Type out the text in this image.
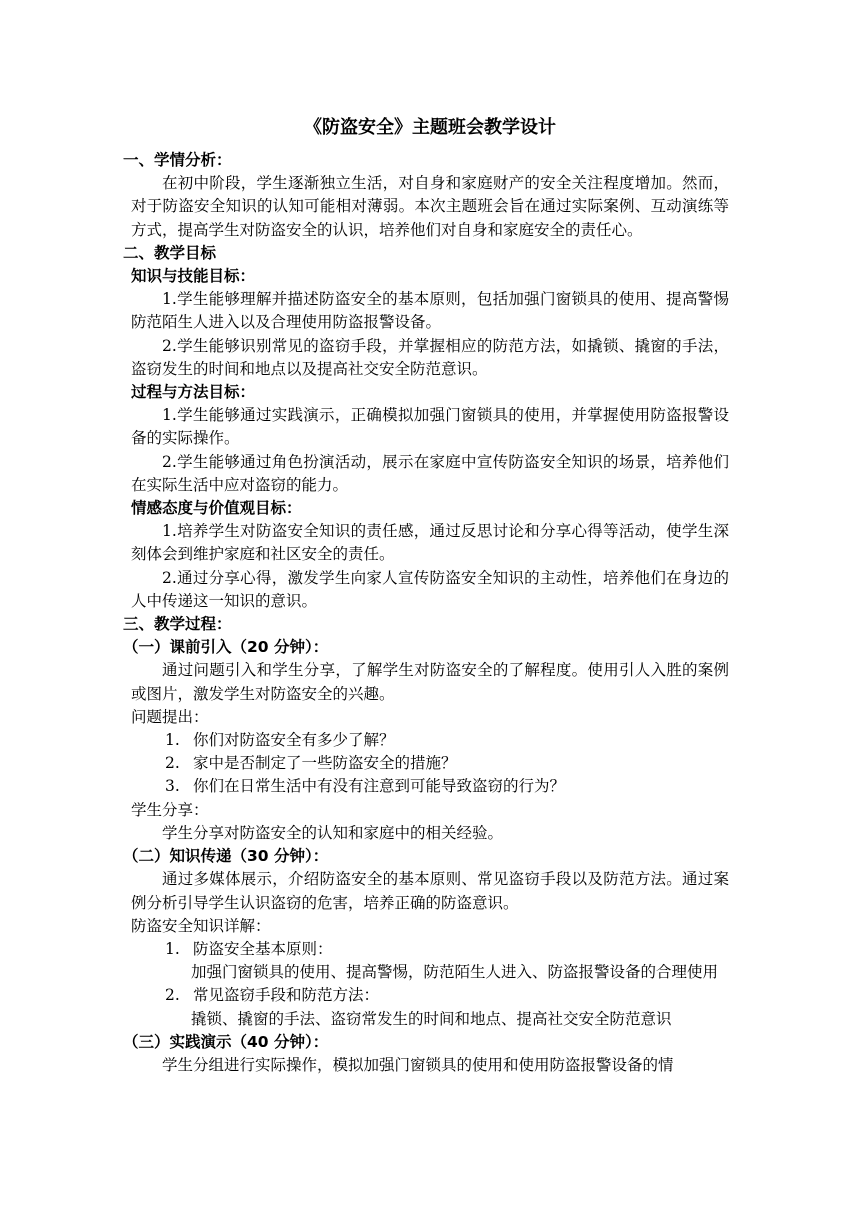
《防盗安全》主题班会教学设计
一、学情分析：
在初中阶段，学生逐渐独立生活，对自身和家庭财产的安全关注程度增加。然而，对于防盗安全知识的认知可能相对薄弱。本次主题班会旨在通过实际案例、互动演练等方式，提高学生对防盗安全的认识，培养他们对自身和家庭安全的责任心。
二、教学目标
知识与技能目标：
1.学生能够理解并描述防盗安全的基本原则，包括加强门窗锁具的使用、提高警惕防范陌生人进入以及合理使用防盗报警设备。
2.学生能够识别常见的盗窃手段，并掌握相应的防范方法，如撬锁、撬窗的手法，盗窃发生的时间和地点以及提高社交安全防范意识。
过程与方法目标：
1.学生能够通过实践演示，正确模拟加强门窗锁具的使用，并掌握使用防盗报警设备的实际操作。
2.学生能够通过角色扮演活动，展示在家庭中宣传防盗安全知识的场景，培养他们在实际生活中应对盗窃的能力。
情感态度与价值观目标：
1.培养学生对防盗安全知识的责任感，通过反思讨论和分享心得等活动，使学生深刻体会到维护家庭和社区安全的责任。
2.通过分享心得，激发学生向家人宣传防盗安全知识的主动性，培养他们在身边的人中传递这一知识的意识。
三、教学过程：
（一）课前引入（20 分钟）：
通过问题引入和学生分享，了解学生对防盗安全的了解程度。使用引人入胜的案例或图片，激发学生对防盗安全的兴趣。
问题提出：
1. 你们对防盗安全有多少了解？
2. 家中是否制定了一些防盗安全的措施？
3. 你们在日常生活中有没有注意到可能导致盗窃的行为？
学生分享：
学生分享对防盗安全的认知和家庭中的相关经验。
（二）知识传递（30 分钟）：
通过多媒体展示，介绍防盗安全的基本原则、常见盗窃手段以及防范方法。通过案例分析引导学生认识盗窃的危害，培养正确的防盗意识。
防盗安全知识详解：
1. 防盗安全基本原则：
加强门窗锁具的使用、提高警惕，防范陌生人进入、防盗报警设备的合理使用
2. 常见盗窃手段和防范方法：
撬锁、撬窗的手法、盗窃常发生的时间和地点、提高社交安全防范意识
（三）实践演示（40 分钟）：
学生分组进行实际操作，模拟加强门窗锁具的使用和使用防盗报警设备的情
